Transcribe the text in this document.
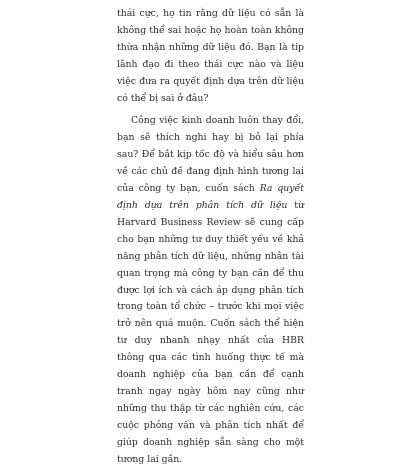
thái cực, họ tin rằng dữ liệu có sẵn là không thể sai hoặc họ hoàn toàn không thừa nhận những dữ liệu đó. Bạn là tip lãnh đạo đi theo thái cực nào và liệu việc đưa ra quyết định dựa trên dữ liệu có thể bị sai ở đâu?

Công việc kinh doanh luôn thay đổi, bạn sẽ thích nghi hay bị bỏ lại phía sau? Để bắt kịp tốc độ và hiểu sâu hơn về các chủ đề đang định hình tương lai của công ty bạn, cuốn sách Ra quyết định dựa trên phân tích dữ liệu từ Harvard Business Review sẽ cung cấp cho bạn những tư duy thiết yếu về khả năng phân tích dữ liệu, những nhân tài quan trọng mà công ty bạn cần để thu được lợi ích và cách áp dụng phân tích trong toàn tổ chức – trước khi mọi việc trở nên quá muộn. Cuốn sách thể hiện tư duy nhanh nhạy nhất của HBR thông qua các tình huống thực tế mà doanh nghiệp của bạn cần để cạnh tranh ngay ngày hôm nay cũng như những thu thập từ các nghiên cứu, các cuộc phỏng vấn và phân tích nhất để giúp doanh nghiệp sẵn sàng cho một tương lai gần.
